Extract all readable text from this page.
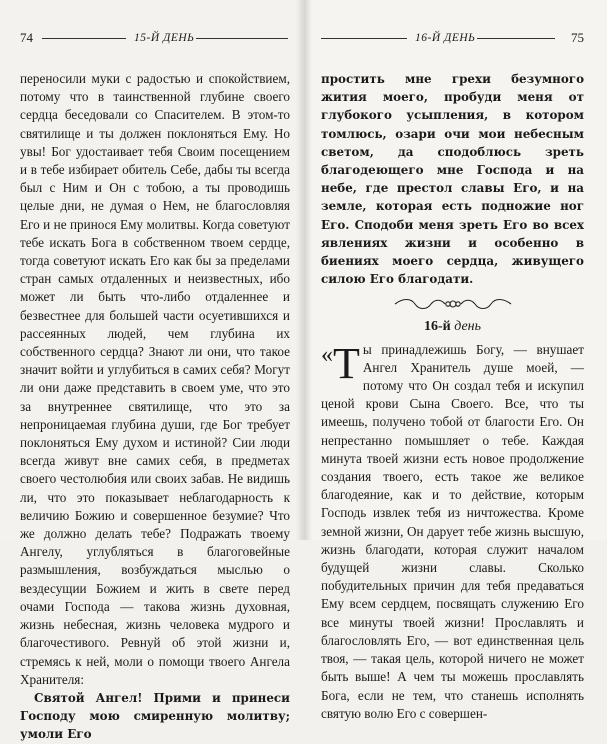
74	15-Й ДЕНЬ

переносили муки с радостью и спокойствием, потому что в таинственной глубине своего сердца беседовали со Спасителем. В этом-то святилище и ты должен поклоняться Ему. Но увы! Бог удостаивает тебя Своим посещением и в тебе избирает обитель Себе, дабы ты всегда был с Ним и Он с тобою, а ты проводишь целые дни, не думая о Нем, не благословляя Его и не принося Ему молитвы. Когда советуют тебе искать Бога в собственном твоем сердце, тогда советуют искать Его как бы за пределами стран самых отдаленных и неизвестных, ибо может ли быть что-либо отдаленнее и безвестнее для большей части осуетившихся и рассеянных людей, чем глубина их собственного сердца? Знают ли они, что такое значит войти и углубиться в самих себя? Могут ли они даже представить в своем уме, что это за внутреннее святилище, что это за непроницаемая глубина души, где Бог требует поклоняться Ему духом и истиной? Сии люди всегда живут вне самих себя, в предметах своего честолюбия или своих забав. Не видишь ли, что это показывает неблагодарность к величию Божию и совершенное безумие? Что же должно делать тебе? Подражать твоему Ангелу, углубляться в благоговейные размышления, возбуждаться мыслью о вездесущии Божием и жить в свете перед очами Господа — такова жизнь духовная, жизнь небесная, жизнь человека мудрого и благочестивого. Ревнуй об этой жизни и, стремясь к ней, моли о помощи твоего Ангела Хранителя:

Святой Ангел! Прими и принеси Господу мою смиренную молитву; умоли Его

16-Й ДЕНЬ	75

простить мне грехи безумного жития моего, пробуди меня от глубокого усыпления, в котором томлюсь, озари очи мои небесным светом, да сподоблюсь зреть благодеющего мне Господа и на небе, где престол славы Его, и на земле, которая есть подножие ног Его. Сподоби меня зреть Его во всех явлениях жизни и особенно в биениях моего сердца, живущего силою Его благодати.

16-й день

«Т ы принадлежишь Богу, — внушает Ангел Хранитель душе моей, — потому что Он создал тебя и искупил ценой крови Сына Своего. Все, что ты имеешь, получено тобой от благости Его. Он непрестанно помышляет о тебе. Каждая минута твоей жизни есть новое продолжение создания твоего, есть такое же великое благодеяние, как и то действие, которым Господь извлек тебя из ничтожества. Кроме земной жизни, Он дарует тебе жизнь высшую, жизнь благодати, которая служит началом будущей жизни славы. Сколько побудительных причин для тебя предаваться Ему всем сердцем, посвящать служению Его все минуты твоей жизни! Прославлять и благословлять Его, — вот единственная цель твоя, — такая цель, которой ничего не может быть выше! А чем ты можешь прославлять Бога, если не тем, что станешь исполнять святую волю Его с совершен-
